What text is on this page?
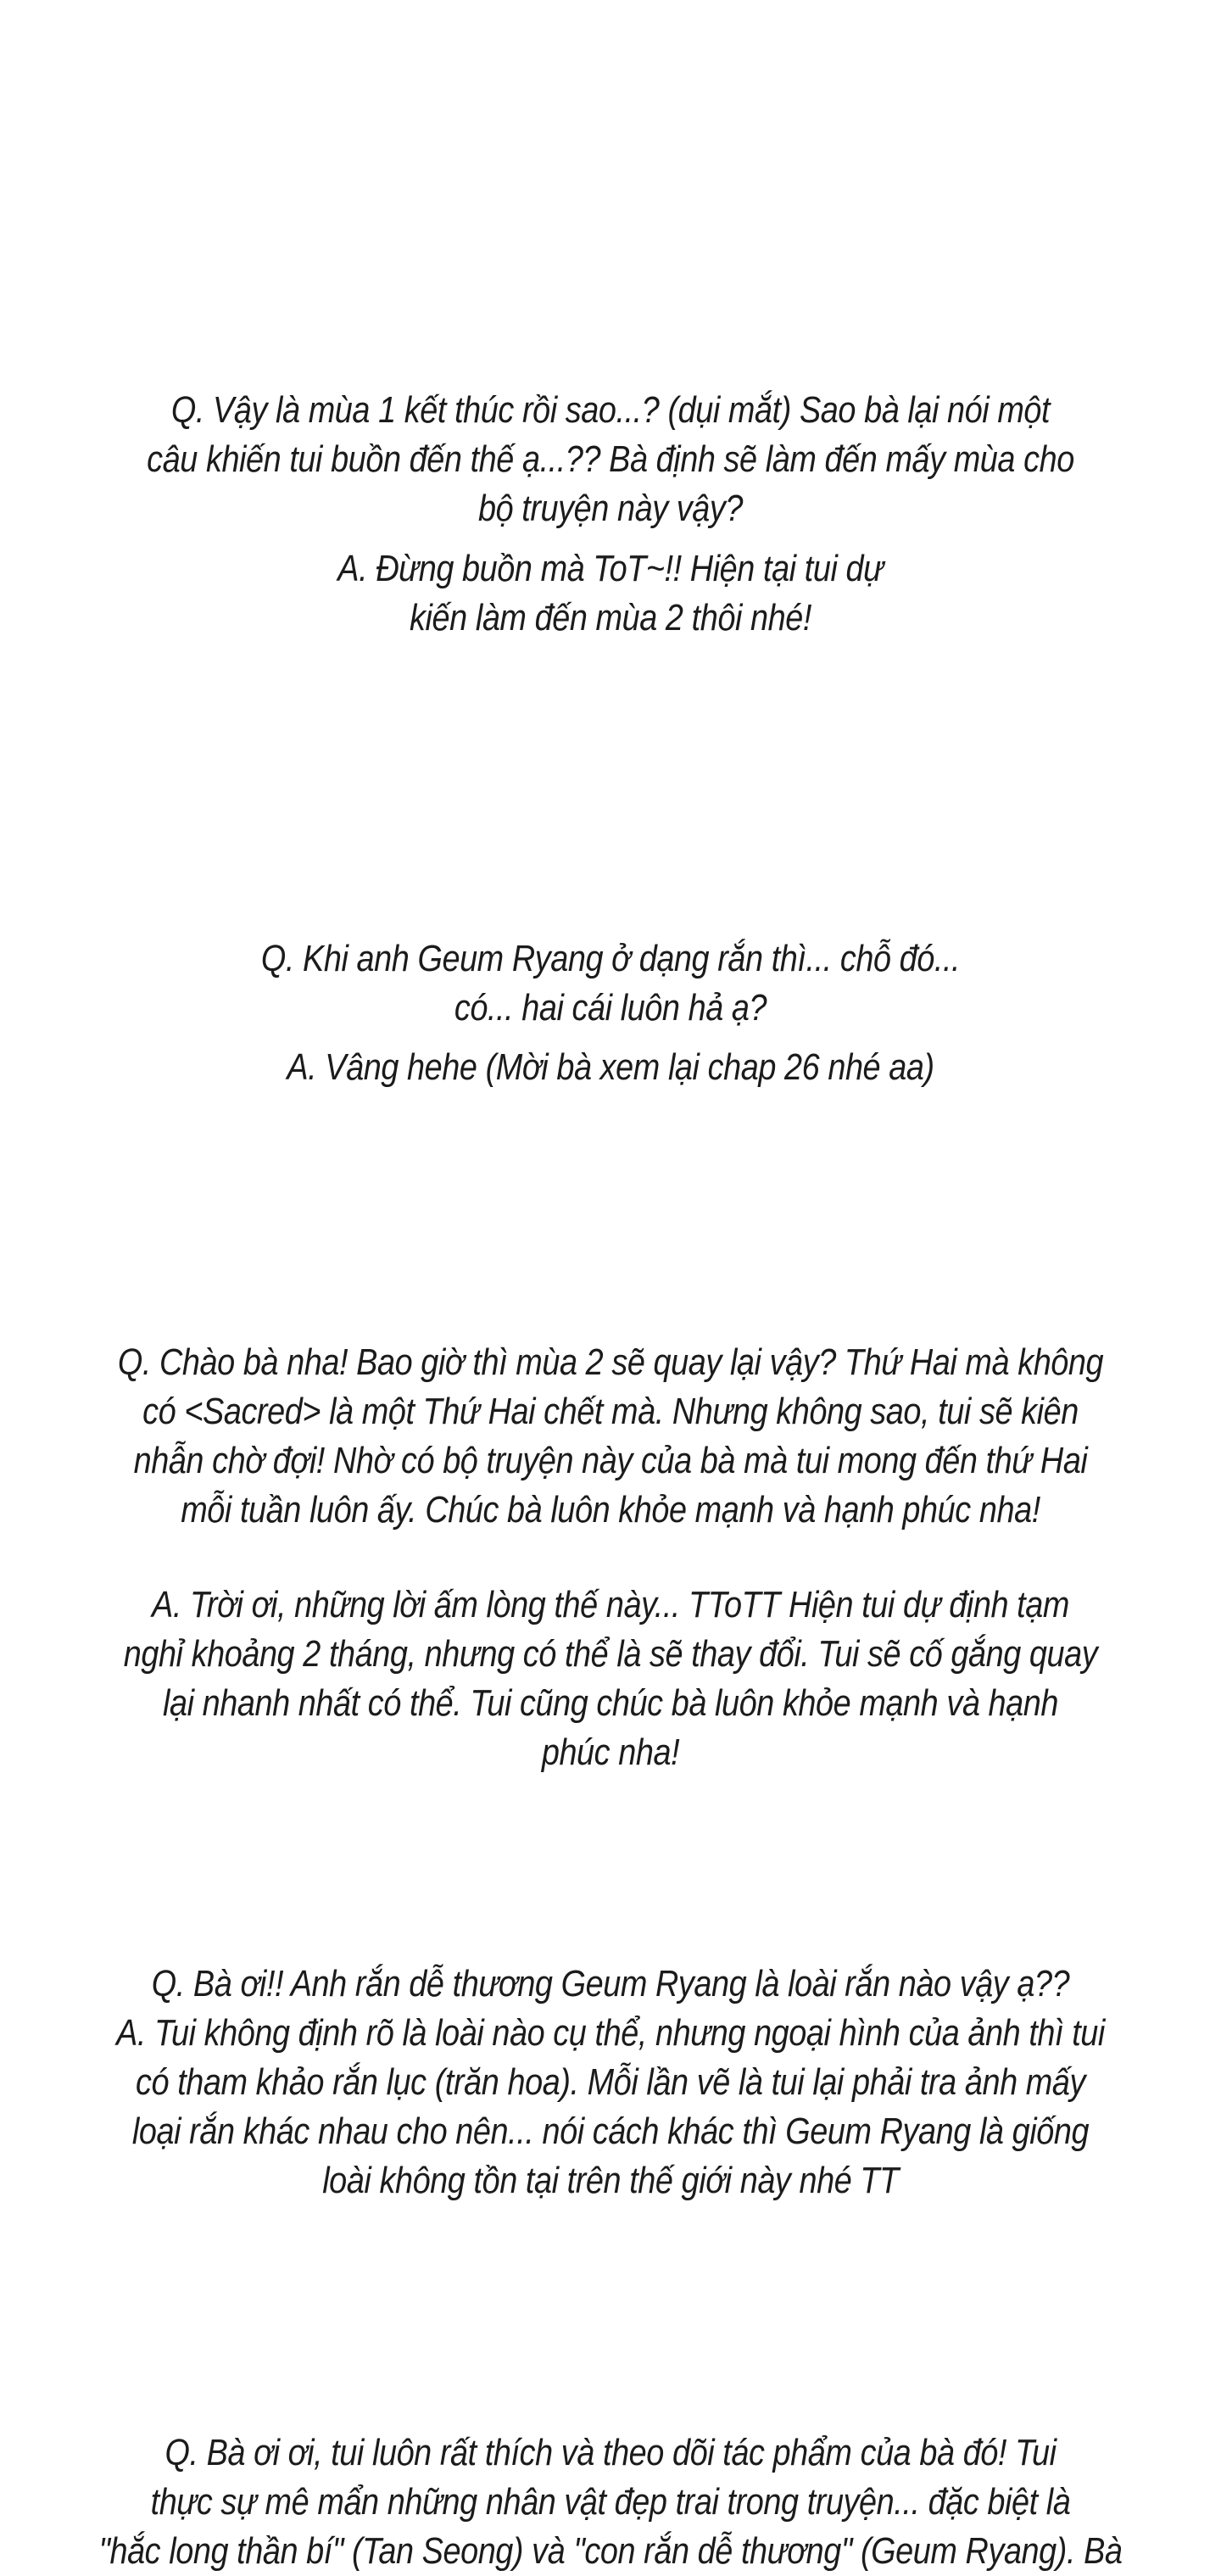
Q. Vậy là mùa 1 kết thúc rồi sao...? (dụi mắt) Sao bà lại nói một
câu khiến tui buồn đến thế ạ...?? Bà định sẽ làm đến mấy mùa cho
bộ truyện này vậy?
A. Đừng buồn mà ToT~!! Hiện tại tui dự
kiến làm đến mùa 2 thôi nhé!
Q. Khi anh Geum Ryang ở dạng rắn thì... chỗ đó...
có... hai cái luôn hả ạ?
A. Vâng hehe (Mời bà xem lại chap 26 nhé aa)
Q. Chào bà nha! Bao giờ thì mùa 2 sẽ quay lại vậy? Thứ Hai mà không
có <Sacred> là một Thứ Hai chết mà. Nhưng không sao, tui sẽ kiên
nhẫn chờ đợi! Nhờ có bộ truyện này của bà mà tui mong đến thứ Hai
mỗi tuần luôn ấy. Chúc bà luôn khỏe mạnh và hạnh phúc nha!
A. Trời ơi, những lời ấm lòng thế này... TToTT Hiện tui dự định tạm
nghỉ khoảng 2 tháng, nhưng có thể là sẽ thay đổi. Tui sẽ cố gắng quay
lại nhanh nhất có thể. Tui cũng chúc bà luôn khỏe mạnh và hạnh
phúc nha!
Q. Bà ơi!! Anh rắn dễ thương Geum Ryang là loài rắn nào vậy ạ??
A. Tui không định rõ là loài nào cụ thể, nhưng ngoại hình của ảnh thì tui
có tham khảo rắn lục (trăn hoa). Mỗi lần vẽ là tui lại phải tra ảnh mấy
loại rắn khác nhau cho nên... nói cách khác thì Geum Ryang là giống
loài không tồn tại trên thế giới này nhé TT
Q. Bà ơi ơi, tui luôn rất thích và theo dõi tác phẩm của bà đó! Tui
thực sự mê mẩn những nhân vật đẹp trai trong truyện... đặc biệt là
"hắc long thần bí" (Tan Seong) và "con rắn dễ thương" (Geum Ryang). Bà
